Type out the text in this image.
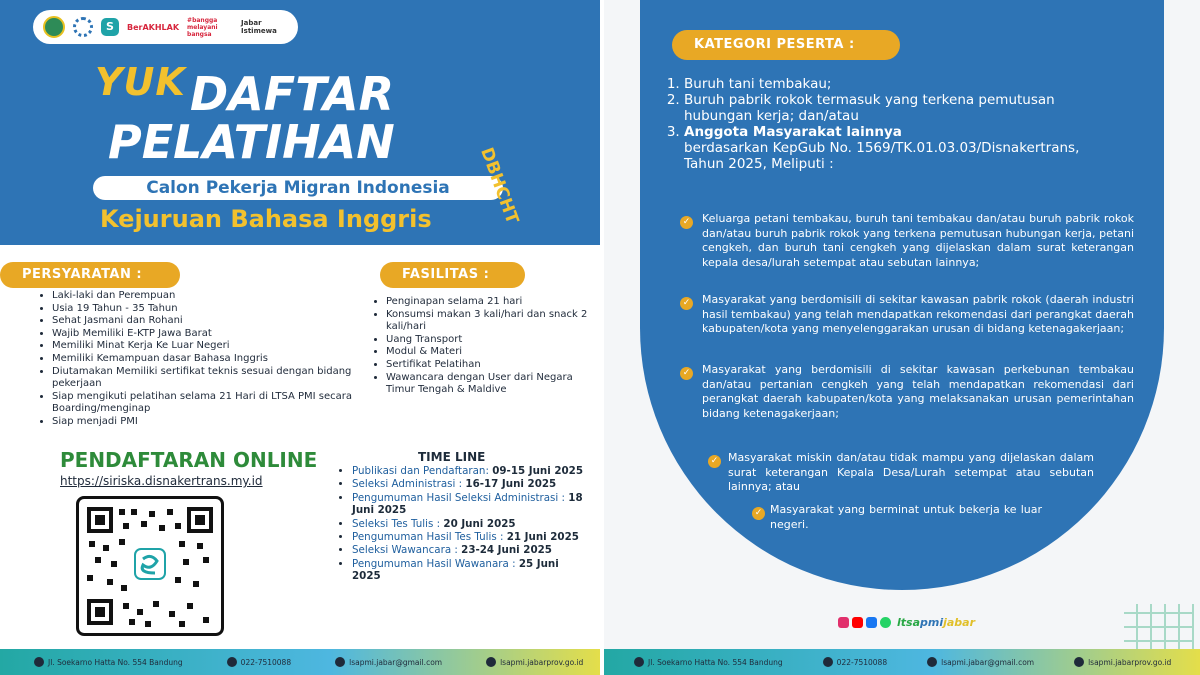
S	BerAKHLAK
#bangga melayani bangsa
Jabar Istimewa
YUK DAFTAR
PELATIHAN
Calon Pekerja Migran Indonesia
Kejuruan Bahasa Inggris	DBHCHT
PERSYARATAN :
• Laki-laki dan Perempuan
• Usia 19 Tahun - 35 Tahun
• Sehat Jasmani dan Rohani
• Wajib Memiliki E-KTP Jawa Barat
• Memiliki Minat Kerja Ke Luar Negeri
• Memiliki Kemampuan dasar Bahasa Inggris
• Diutamakan Memiliki sertifikat teknis sesuai dengan bidang pekerjaan
• Siap mengikuti pelatihan selama 21 Hari di LTSA PMI secara Boarding/menginap
• Siap menjadi PMI
FASILITAS :
• Penginapan selama 21 hari
• Konsumsi makan 3 kali/hari dan snack 2 kali/hari
• Uang Transport
• Modul & Materi
• Sertifikat Pelatihan
• Wawancara dengan User dari Negara Timur Tengah & Maldive
PENDAFTARAN ONLINE
https://siriska.disnakertrans.my.id
TIME LINE
• Publikasi dan Pendaftaran: 09-15 Juni 2025
• Seleksi Administrasi : 16-17 Juni 2025
• Pengumuman Hasil Seleksi Administrasi : 18 Juni 2025
• Seleksi Tes Tulis : 20 Juni 2025
• Pengumuman Hasil Tes Tulis : 21 Juni 2025
• Seleksi Wawancara : 23-24 Juni 2025
• Pengumuman Hasil Wawanara : 25 Juni 2025
Jl. Soekarno Hatta No. 554 Bandung	022-7510088	lsapmi.jabar@gmail.com	lsapmi.jabarprov.go.id
KATEGORI PESERTA :
1. Buruh tani tembakau;
2. Buruh pabrik rokok termasuk yang terkena pemutusan hubungan kerja; dan/atau
3. Anggota Masyarakat lainnya
berdasarkan KepGub No. 1569/TK.01.03.03/Disnakertrans, Tahun 2025, Meliputi :
✓ Keluarga petani tembakau, buruh tani tembakau dan/atau buruh pabrik rokok dan/atau buruh pabrik rokok yang terkena pemutusan hubungan kerja, petani cengkeh, dan buruh tani cengkeh yang dijelaskan dalam surat keterangan kepala desa/lurah setempat atau sebutan lainnya;
✓ Masyarakat yang berdomisili di sekitar kawasan pabrik rokok (daerah industri hasil tembakau) yang telah mendapatkan rekomendasi dari perangkat daerah kabupaten/kota yang menyelenggarakan urusan di bidang ketenagakerjaan;
✓ Masyarakat yang berdomisili di sekitar kawasan perkebunan tembakau dan/atau pertanian cengkeh yang telah mendapatkan rekomendasi dari perangkat daerah kabupaten/kota yang melaksanakan urusan pemerintahan bidang ketenagakerjaan;
✓ Masyarakat miskin dan/atau tidak mampu yang dijelaskan dalam surat keterangan Kepala Desa/Lurah setempat atau sebutan lainnya; atau
✓ Masyarakat yang berminat untuk bekerja ke luar negeri.
ltsapmijabar
Jl. Soekarno Hatta No. 554 Bandung	022-7510088	lsapmi.jabar@gmail.com	lsapmi.jabarprov.go.id
